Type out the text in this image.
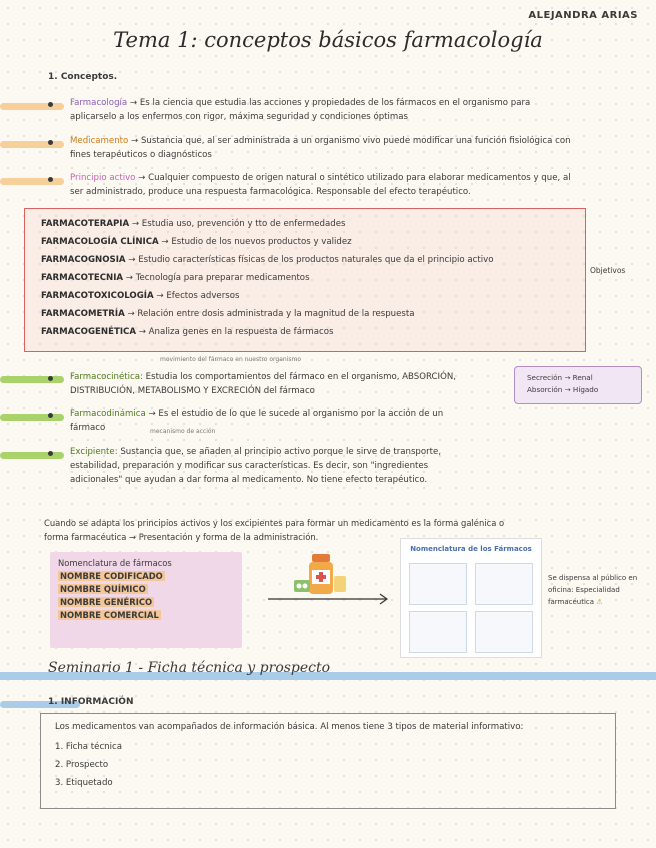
ALEJANDRA ARIAS
Tema 1: conceptos básicos farmacología
1. Conceptos.
Farmacología → Es la ciencia que estudia las acciones y propiedades de los fármacos en el organismo para
aplicarselo a los enfermos con rigor, máxima seguridad y condiciones óptimas
Medicamento → Sustancia que, al ser administrada a un organismo vivo puede modificar una función fisiológica con
fines terapéuticos o diagnósticos
Principio activo → Cualquier compuesto de origen natural o sintético utilizado para elaborar medicamentos y que, al
ser administrado, produce una respuesta farmacológica. Responsable del efecto terapéutico.
FARMACOTERAPIA → Estudia uso, prevención y tto de enfermedades
FARMACOLOGÍA CLÍNICA → Estudio de los nuevos productos y validez
FARMACOGNOSIA → Estudio características físicas de los productos naturales que da el principio activo
FARMACOTECNIA → Tecnología para preparar medicamentos
FARMACOTOXICOLOGÍA → Efectos adversos
FARMACOMETRÍA → Relación entre dosis administrada y la magnitud de la respuesta
FARMACOGENÉTICA → Analiza genes en la respuesta de fármacos
Objetivos
movimiento del fármaco en nuestro organismo
Farmacocinética: Estudia los comportamientos del fármaco en el organismo, ABSORCIÓN,
DISTRIBUCIÓN, METABOLISMO Y EXCRECIÓN del fármaco
Secreción → Renal
Absorción → Hígado
Farmacodinámica → Es el estudio de lo que le sucede al organismo por la acción de un
fármaco	mecanismo de acción
Excipiente: Sustancia que, se añaden al principio activo porque le sirve de transporte,
estabilidad, preparación y modificar sus características. Es decir, son "ingredientes
adicionales" que ayudan a dar forma al medicamento. No tiene efecto terapéutico.
Cuando se adapta los principios activos y los excipientes para formar un medicamento es la forma galénica o
forma farmacéutica → Presentación y forma de la administración.
Nomenclatura de fármacos
NOMBRE CODIFICADO
NOMBRE QUÍMICO
NOMBRE GENÉRICO
NOMBRE COMERCIAL
Nomenclatura de los Fármacos
Se dispensa al público en oficina: Especialidad farmacéutica ⚠
Seminario 1 - Ficha técnica y prospecto
1. INFORMACIÓN
Los medicamentos van acompañados de información básica. Al menos tiene 3 tipos de material informativo:
1. Ficha técnica
2. Prospecto
3. Etiquetado
